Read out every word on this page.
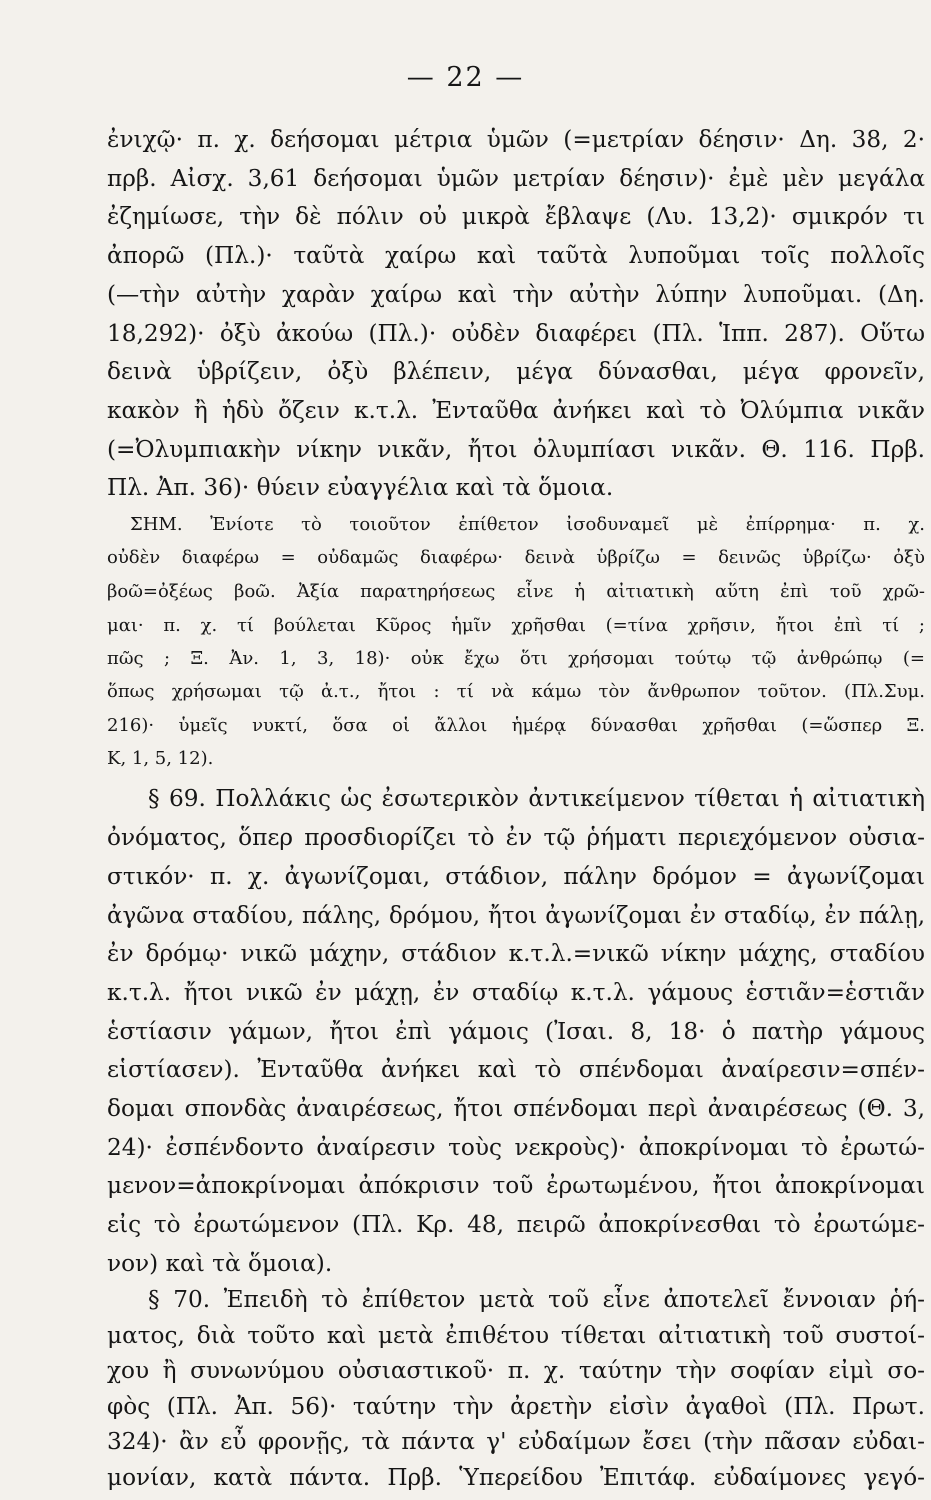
— 22 —
ἐνιχῷ· π. χ. δεήσομαι μέτρια ὑμῶν (=μετρίαν δέησιν· Δη. 38, 2·
πρβ. Αἰσχ. 3,61 δεήσομαι ὑμῶν μετρίαν δέησιν)· ἐμὲ μὲν μεγάλα
ἐζημίωσε, τὴν δὲ πόλιν οὐ μικρὰ ἔβλαψε (Λυ. 13,2)· σμικρόν τι
ἀπορῶ (Πλ.)· ταῦτὰ χαίρω καὶ ταῦτὰ λυποῦμαι τοῖς πολλοῖς
(—τὴν αὐτὴν χαρὰν χαίρω καὶ τὴν αὐτὴν λύπην λυποῦμαι. (Δη.
18,292)· ὀξὺ ἀκούω (Πλ.)· οὐδὲν διαφέρει (Πλ. Ἱππ. 287). Οὕτω
δεινὰ ὑβρίζειν, ὀξὺ βλέπειν, μέγα δύνασθαι, μέγα φρονεῖν,
κακὸν ἢ ἡδὺ ὄζειν κ.τ.λ. Ἐνταῦθα ἀνήκει καὶ τὸ Ὀλύμπια νικᾶν
(=Ὀλυμπιακὴν νίκην νικᾶν, ἤτοι ὀλυμπίασι νικᾶν. Θ. 116. Πρβ.
Πλ. Ἀπ. 36)· θύειν εὐαγγέλια καὶ τὰ ὅμοια.
ΣΗΜ. Ἐνίοτε τὸ τοιοῦτον ἐπίθετον ἰσοδυναμεῖ μὲ ἐπίρρημα· π. χ.
οὐδὲν διαφέρω = οὐδαμῶς διαφέρω· δεινὰ ὑβρίζω = δεινῶς ὑβρίζω· ὀξὺ
βοῶ=ὀξέως βοῶ. Ἀξία παρατηρήσεως εἶνε ἡ αἰτιατικὴ αὕτη ἐπὶ τοῦ χρῶ-
μαι· π. χ. τί βούλεται Κῦρος ἡμῖν χρῆσθαι (=τίνα χρῆσιν, ἤτοι ἐπὶ τί ;
πῶς ; Ξ. Ἀν. 1, 3, 18)· οὐκ ἔχω ὅτι χρήσομαι τούτῳ τῷ ἀνθρώπῳ (=
ὅπως χρήσωμαι τῷ ἀ.τ., ἤτοι : τί νὰ κάμω τὸν ἄνθρωπον τοῦτον. (Πλ.Συμ.
216)· ὑμεῖς νυκτί, ὅσα οἱ ἄλλοι ἡμέρᾳ δύνασθαι χρῆσθαι (=ὥσπερ Ξ.
Κ, 1, 5, 12).
§ 69. Πολλάκις ὡς ἐσωτερικὸν ἀντικείμενον τίθεται ἡ αἰτιατικὴ
ὀνόματος, ὅπερ προσδιορίζει τὸ ἐν τῷ ῥήματι περιεχόμενον οὐσια-
στικόν· π. χ. ἀγωνίζομαι, στάδιον, πάλην δρόμον = ἀγωνίζομαι
ἀγῶνα σταδίου, πάλης, δρόμου, ἤτοι ἀγωνίζομαι ἐν σταδίῳ, ἐν πάλῃ,
ἐν δρόμῳ· νικῶ μάχην, στάδιον κ.τ.λ.=νικῶ νίκην μάχης, σταδίου
κ.τ.λ. ἤτοι νικῶ ἐν μάχῃ, ἐν σταδίῳ κ.τ.λ. γάμους ἑστιᾶν=ἑστιᾶν
ἑστίασιν γάμων, ἤτοι ἐπὶ γάμοις (Ἰσαι. 8, 18· ὁ πατὴρ γάμους
εἱστίασεν). Ἐνταῦθα ἀνήκει καὶ τὸ σπένδομαι ἀναίρεσιν=σπέν-
δομαι σπονδὰς ἀναιρέσεως, ἤτοι σπένδομαι περὶ ἀναιρέσεως (Θ. 3,
24)· ἐσπένδοντο ἀναίρεσιν τοὺς νεκροὺς)· ἀποκρίνομαι τὸ ἐρωτώ-
μενον=ἀποκρίνομαι ἀπόκρισιν τοῦ ἐρωτωμένου, ἤτοι ἀποκρίνομαι
εἰς τὸ ἐρωτώμενον (Πλ. Κρ. 48, πειρῶ ἀποκρίνεσθαι τὸ ἐρωτώμε-
νον) καὶ τὰ ὅμοια).
§ 70. Ἐπειδὴ τὸ ἐπίθετον μετὰ τοῦ εἶνε ἀποτελεῖ ἔννοιαν ῥή-
ματος, διὰ τοῦτο καὶ μετὰ ἐπιθέτου τίθεται αἰτιατικὴ τοῦ συστοί-
χου ἢ συνωνύμου οὐσιαστικοῦ· π. χ. ταύτην τὴν σοφίαν εἰμὶ σο-
φὸς (Πλ. Ἀπ. 56)· ταύτην τὴν ἀρετὴν εἰσὶν ἀγαθοὶ (Πλ. Πρωτ.
324)· ἂν εὖ φρονῇς, τὰ πάντα γ' εὐδαίμων ἔσει (τὴν πᾶσαν εὐδαι-
μονίαν, κατὰ πάντα. Πρβ. Ὑπερείδου Ἐπιτάφ. εὐδαίμονες γεγό-
